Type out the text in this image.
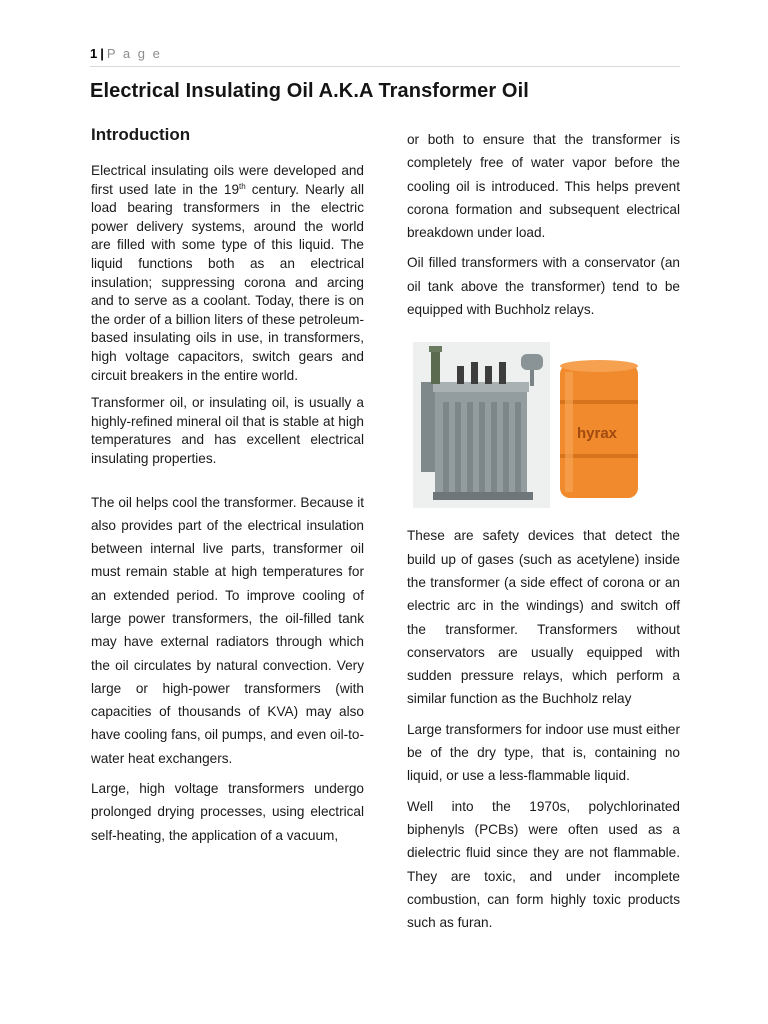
1 | P a g e
Electrical Insulating Oil A.K.A Transformer Oil
Introduction

Electrical insulating oils were developed and first used late in the 19th century. Nearly all load bearing transformers in the electric power delivery systems, around the world are filled with some type of this liquid. The liquid functions both as an electrical insulation; suppressing corona and arcing and to serve as a coolant. Today, there is on the order of a billion liters of these petroleum-based insulating oils in use, in transformers, high voltage capacitors, switch gears and circuit breakers in the entire world.

Transformer oil, or insulating oil, is usually a highly-refined mineral oil that is stable at high temperatures and has excellent electrical insulating properties.

The oil helps cool the transformer. Because it also provides part of the electrical insulation between internal live parts, transformer oil must remain stable at high temperatures for an extended period. To improve cooling of large power transformers, the oil-filled tank may have external radiators through which the oil circulates by natural convection. Very large or high-power transformers (with capacities of thousands of KVA) may also have cooling fans, oil pumps, and even oil-to-water heat exchangers.

Large, high voltage transformers undergo prolonged drying processes, using electrical self-heating, the application of a vacuum,

or both to ensure that the transformer is completely free of water vapor before the cooling oil is introduced. This helps prevent corona formation and subsequent electrical breakdown under load.

Oil filled transformers with a conservator (an oil tank above the transformer) tend to be equipped with Buchholz relays.

These are safety devices that detect the build up of gases (such as acetylene) inside the transformer (a side effect of corona or an electric arc in the windings) and switch off the transformer. Transformers without conservators are usually equipped with sudden pressure relays, which perform a similar function as the Buchholz relay

Large transformers for indoor use must either be of the dry type, that is, containing no liquid, or use a less-flammable liquid.

Well into the 1970s, polychlorinated biphenyls (PCBs) were often used as a dielectric fluid since they are not flammable. They are toxic, and under incomplete combustion, can form highly toxic products such as furan.

hyrax
